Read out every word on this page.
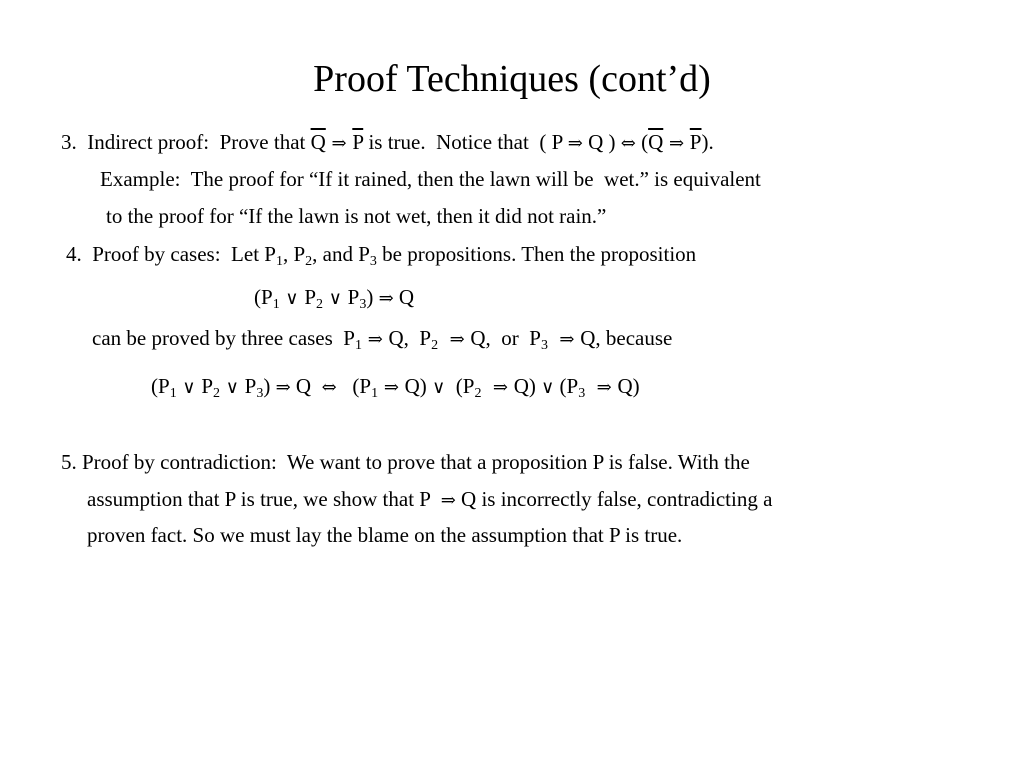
Proof Techniques (cont’d)
3.  Indirect proof:  Prove that $\overline{Q}$ ⇒ $\overline{P}$ is true.  Notice that  ( P ⇒ Q ) ⇔ ($\overline{Q}$ ⇒ $\overline{P}$).
Example:  The proof for “If it rained, then the lawn will be  wet.” is equivalent
to the proof for “If the lawn is not wet, then it did not rain.”
4.  Proof by cases:  Let $P_1$, $P_2$, and $P_3$ be propositions. Then the proposition
($P_1$ ∨ $P_2$ ∨ $P_3$) ⇒ Q
can be proved by three cases  $P_1$ ⇒ Q,  $P_2$  ⇒ Q,  or  $P_3$  ⇒ Q, because
($P_1$ ∨ $P_2$ ∨ $P_3$) ⇒ Q  ⇔   ($P_1$ ⇒ Q) ∨  ($P_2$  ⇒ Q) ∨ ($P_3$  ⇒ Q)
5. Proof by contradiction:  We want to prove that a proposition P is false. With the
assumption that P is true, we show that P  ⇒ Q is incorrectly false, contradicting a
proven fact. So we must lay the blame on the assumption that P is true.
